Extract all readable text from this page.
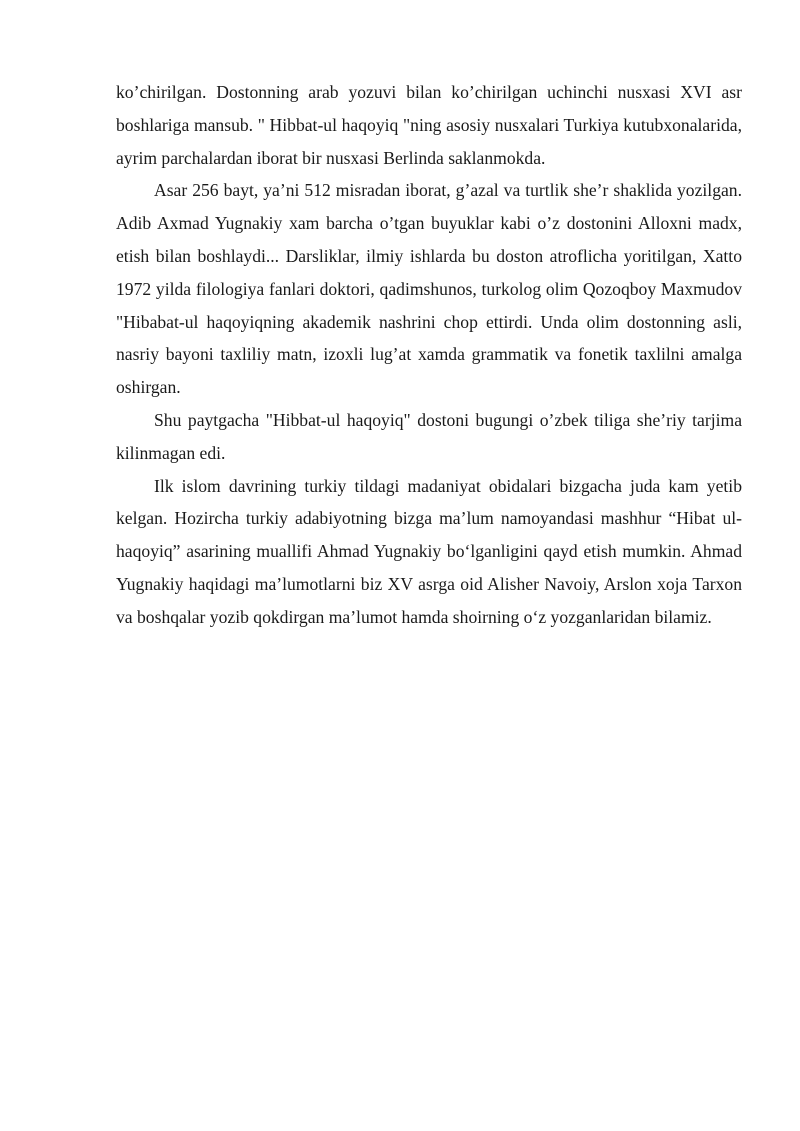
ko’chirilgan. Dostonning arab yozuvi bilan ko’chirilgan uchinchi nusxasi XVI asr boshlariga mansub. " Hibbat-ul haqoyiq "ning asosiy nusxalari Turkiya kutubxonalarida, ayrim parchalardan iborat bir nusxasi Berlinda saklanmokda.

Asar 256 bayt, ya’ni 512 misradan iborat, g’azal va turtlik she’r shaklida yozilgan. Adib Axmad Yugnakiy xam barcha o’tgan buyuklar kabi o’z dostonini Alloxni madx, etish bilan boshlaydi... Darsliklar, ilmiy ishlarda bu doston atroflicha yoritilgan, Xatto 1972 yilda filologiya fanlari doktori, qadimshunos, turkolog olim Qozoqboy Maxmudov "Hibabat-ul haqoyiqning akademik nashrini chop ettirdi. Unda olim dostonning asli, nasriy bayoni taxliliy matn, izoxli lug’at xamda grammatik va fonetik taxlilni amalga oshirgan.

Shu paytgacha "Hibbat-ul haqoyiq" dostoni bugungi o’zbek tiliga she’riy tarjima kilinmagan edi.

Ilk islom davrining turkiy tildagi madaniyat obidalari bizgacha juda kam yetib kelgan. Hozircha turkiy adabiyotning bizga ma’lum namoyandasi mashhur “Hibat ul-haqoyiq” asarining muallifi Ahmad Yugnakiy bo‘lganligini qayd etish mumkin. Ahmad Yugnakiy haqidagi ma’lumotlarni biz XV asrga oid Alisher Navoiy, Arslon xoja Tarxon va boshqalar yozib qokdirgan ma’lumot hamda shoirning o‘z yozganlaridan bilamiz.
